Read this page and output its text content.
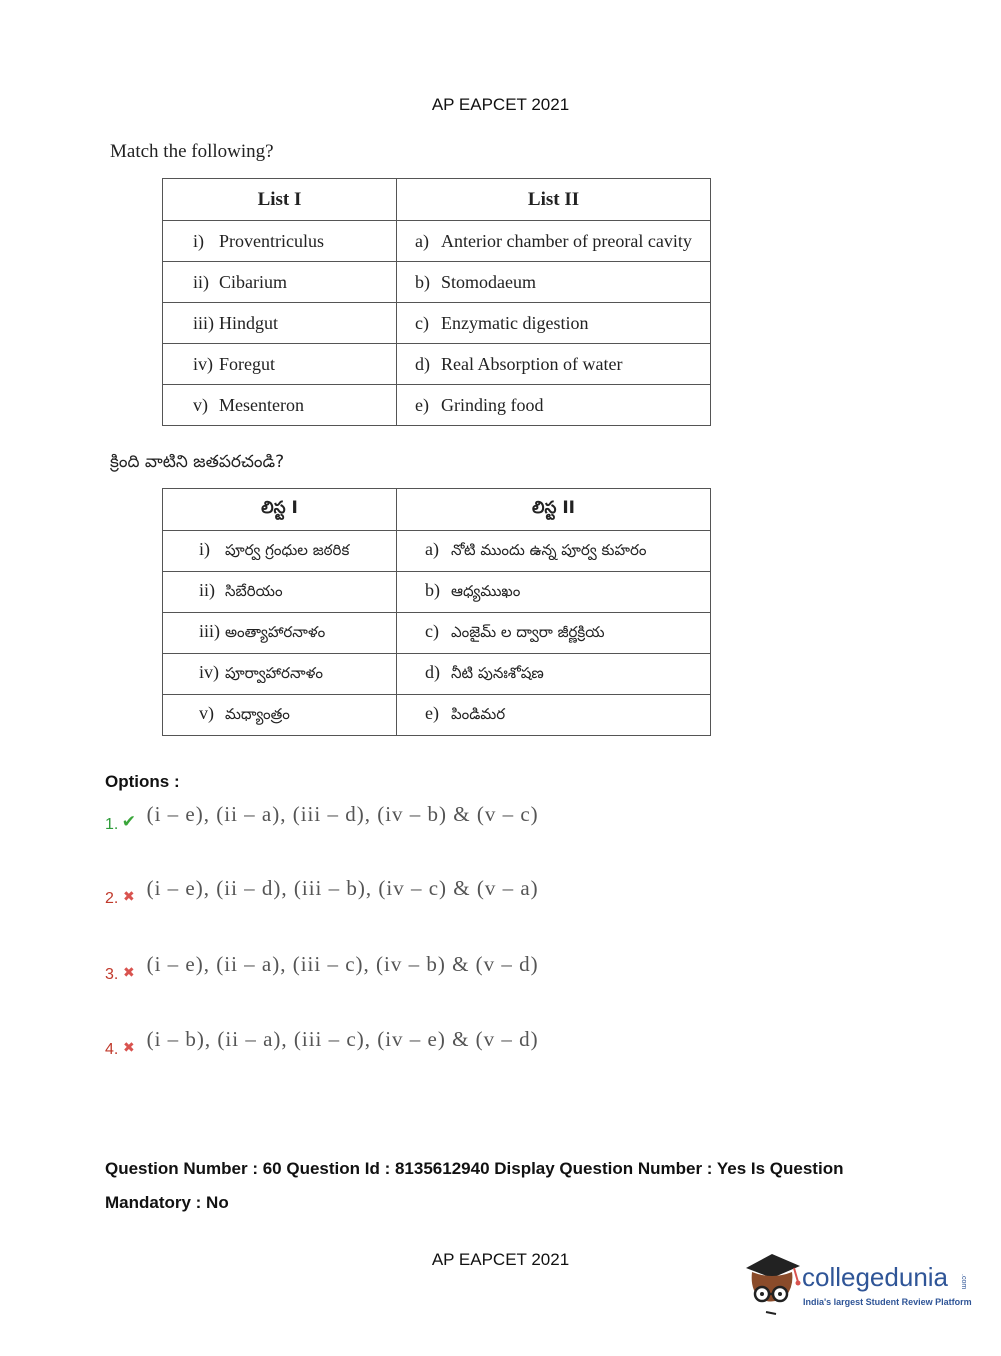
AP EAPCET 2021
Match the following?
List I	List II
i) Proventriculus	a) Anterior chamber of preoral cavity
ii) Cibarium	b) Stomodaeum
iii) Hindgut	c) Enzymatic digestion
iv) Foregut	d) Real Absorption of water
v) Mesenteron	e) Grinding food
క్రింది వాటిని జతపరచండి?
లిస్ట I	లిస్ట II
i) పూర్వ గ్రంధుల జఠరిక	a) నోటి ముందు ఉన్న పూర్వ కుహరం
ii) సిబేరియం	b) ఆధ్యముఖం
iii) అంత్యాహారనాళం	c) ఎంజైమ్ ల ద్వారా జీర్ణక్రియ
iv) పూర్వాహారనాళం	d) నీటి పునఃశోషణ
v) మధ్యాంత్రం	e) పిండిమర
Options :
$_{1.}$ ✔ (i – e), (ii – a), (iii – d), (iv – b) & (v – c)
$_{2.}$ ✖ (i – e), (ii – d), (iii – b), (iv – c) & (v – a)
$_{3.}$ ✖ (i – e), (ii – a), (iii – c), (iv – b) & (v – d)
$_{4.}$ ✖ (i – b), (ii – a), (iii – c), (iv – e) & (v – d)
Question Number : 60 Question Id : 8135612940 Display Question Number : Yes Is Question Mandatory : No
AP EAPCET 2021
collegedunia .com
India's largest Student Review Platform
